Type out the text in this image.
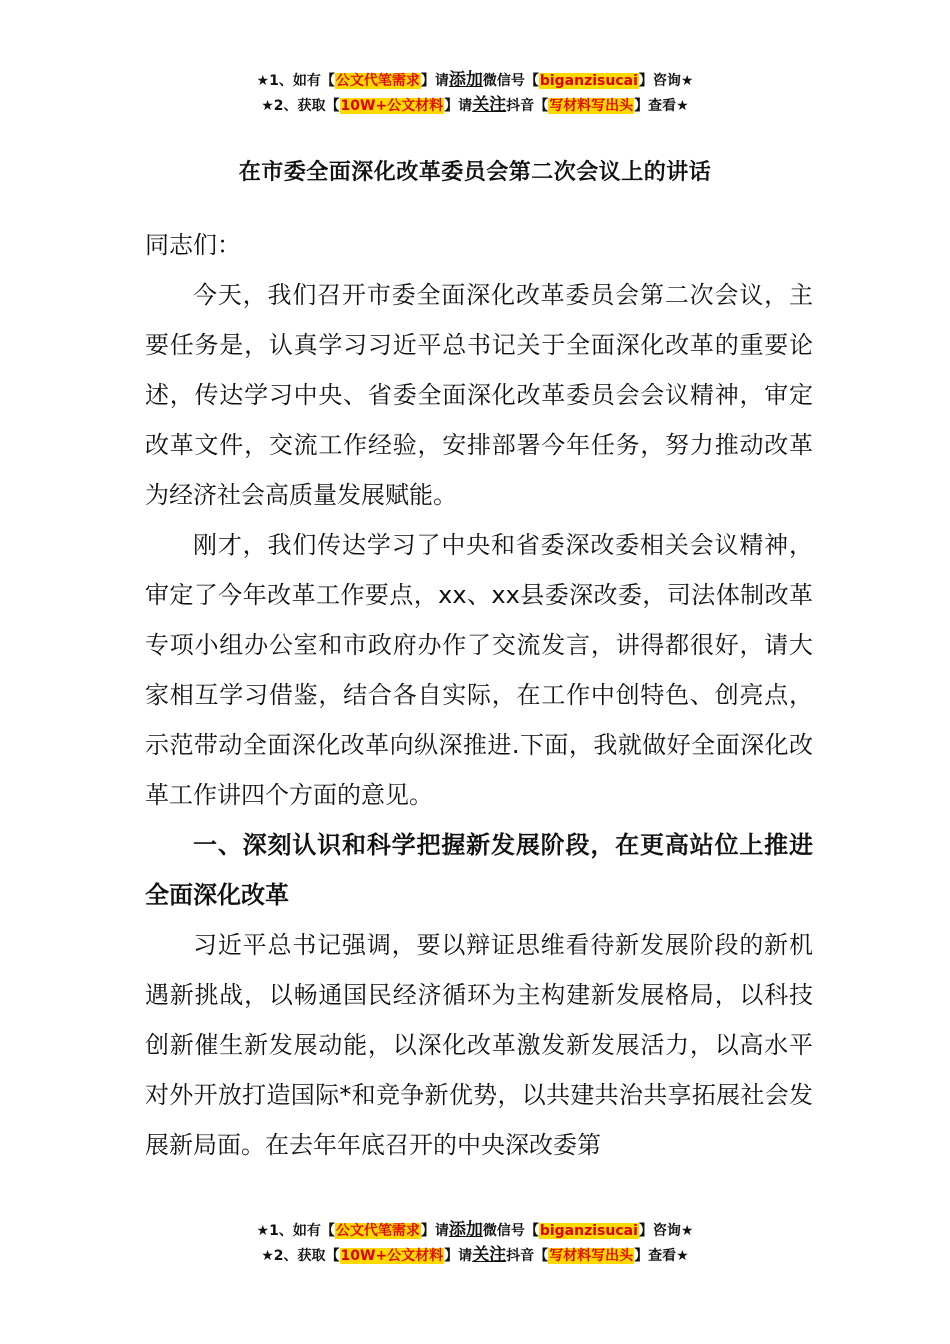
★1、如有【公文代笔需求】请添加微信号【biganzisucai】咨询★
★2、获取【10W+公文材料】请关注抖音【写材料写出头】查看★
在市委全面深化改革委员会第二次会议上的讲话

同志们：

今天，我们召开市委全面深化改革委员会第二次会议，主要任务是，认真学习习近平总书记关于全面深化改革的重要论述，传达学习中央、省委全面深化改革委员会会议精神，审定改革文件，交流工作经验，安排部署今年任务，努力推动改革为经济社会高质量发展赋能。

刚才，我们传达学习了中央和省委深改委相关会议精神，审定了今年改革工作要点，xx、xx县委深改委，司法体制改革专项小组办公室和市政府办作了交流发言，讲得都很好，请大家相互学习借鉴，结合各自实际，在工作中创特色、创亮点，示范带动全面深化改革向纵深推进.下面，我就做好全面深化改革工作讲四个方面的意见。

一、深刻认识和科学把握新发展阶段，在更高站位上推进全面深化改革

习近平总书记强调，要以辩证思维看待新发展阶段的新机遇新挑战，以畅通国民经济循环为主构建新发展格局，以科技创新催生新发展动能，以深化改革激发新发展活力，以高水平对外开放打造国际*和竞争新优势，以共建共治共享拓展社会发展新局面。在去年年底召开的中央深改委第

★1、如有【公文代笔需求】请添加微信号【biganzisucai】咨询★
★2、获取【10W+公文材料】请关注抖音【写材料写出头】查看★
